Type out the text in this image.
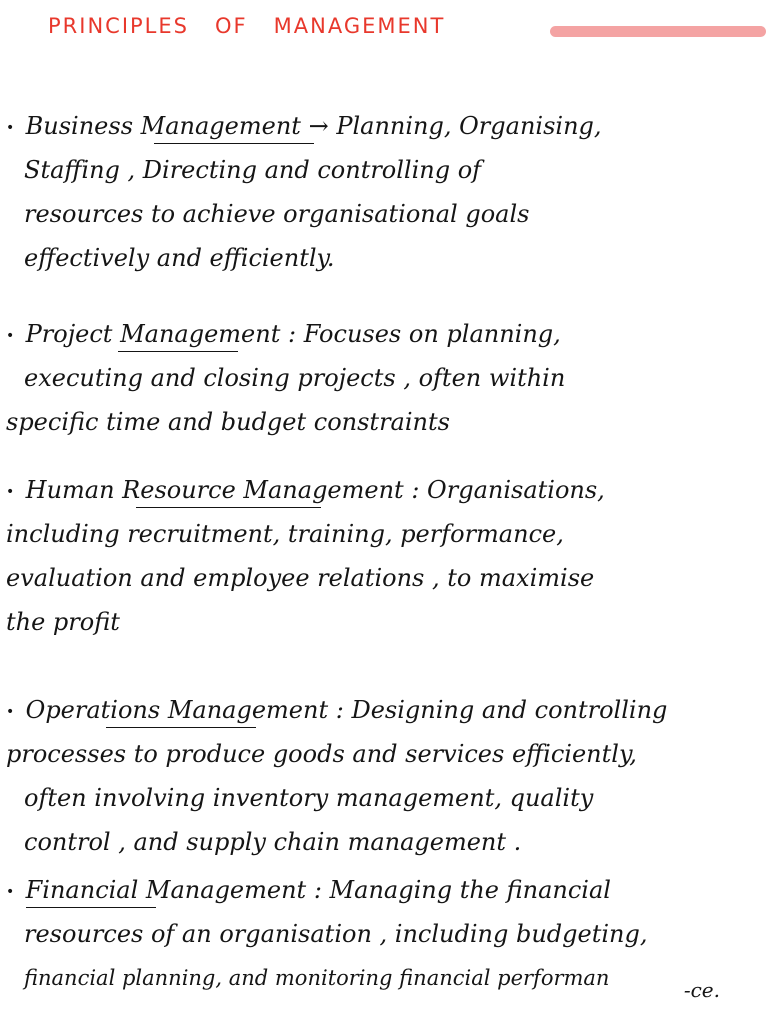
PRINCIPLES   OF   MANAGEMENT
• Business Management → Planning, Organising,
Staffing , Directing and controlling of
resources to achieve organisational goals
effectively and efficiently.
• Project Management : Focuses on planning,
executing and closing projects , often within
specific time and budget constraints
• Human Resource Management : Organisations,
including recruitment, training, performance,
evaluation and employee relations , to maximise
the profit
• Operations Management : Designing and controlling
processes to produce goods and services efficiently,
often involving inventory management, quality
control , and supply chain management .
• Financial Management : Managing the financial
resources of an organisation , including budgeting,
financial planning, and monitoring financial performan	-ce.
